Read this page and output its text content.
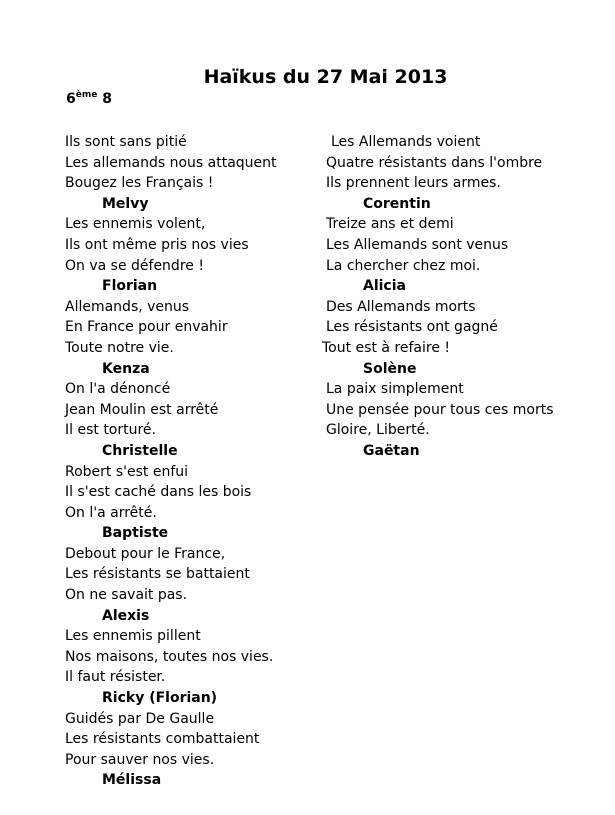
Haïkus du 27 Mai 2013
6ème 8
Ils sont sans pitié
Les allemands nous attaquent
Bougez les Français !
Melvy
Les ennemis volent,
Ils ont même pris nos vies
On va se défendre !
Florian
Allemands, venus
En France pour envahir
Toute notre vie.
Kenza
On l'a dénoncé
Jean Moulin est arrêté
Il est torturé.
Christelle
Robert s'est enfui
Il s'est caché dans les bois
On l'a arrêté.
Baptiste
Debout pour le France,
Les résistants se battaient
On ne savait pas.
Alexis
Les ennemis pillent
Nos maisons, toutes nos vies.
Il faut résister.
Ricky (Florian)
Guidés par De Gaulle
Les résistants combattaient
Pour sauver nos vies.
Mélissa
Les Allemands voient
Quatre résistants dans l'ombre
Ils prennent leurs armes.
Corentin
Treize ans et demi
Les Allemands sont venus
La chercher chez moi.
Alicia
Des Allemands morts
Les résistants ont gagné
Tout est à refaire !
Solène
La paix simplement
Une pensée pour tous ces morts
Gloire, Liberté.
Gaëtan
